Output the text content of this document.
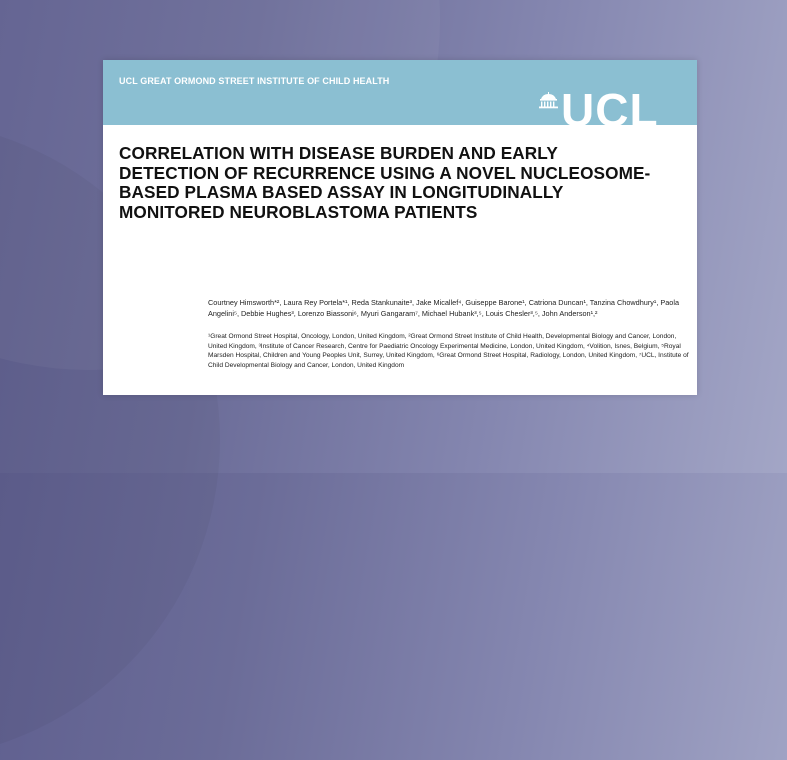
UCL GREAT ORMOND STREET INSTITUTE OF CHILD HEALTH
UCL
CORRELATION WITH DISEASE BURDEN AND EARLY DETECTION OF RECURRENCE USING A NOVEL NUCLEOSOME-BASED PLASMA BASED ASSAY IN LONGITUDINALLY MONITORED NEUROBLASTOMA PATIENTS
Courtney Himsworth*², Laura Rey Portela*¹, Reda Stankunaite³, Jake Micallef⁴, Guiseppe Barone¹, Catriona Duncan¹, Tanzina Chowdhury¹, Paola Angelini⁵, Debbie Hughes³, Lorenzo Biassoni⁶, Myuri Gangaram⁷, Michael Hubank³,⁵, Louis Chesler³,⁵, John Anderson¹,²
¹Great Ormond Street Hospital, Oncology, London, United Kingdom, ²Great Ormond Street Institute of Child Health, Developmental Biology and Cancer, London, United Kingdom, ³Institute of Cancer Research, Centre for Paediatric Oncology Experimental Medicine, London, United Kingdom, ⁴Volition, Isnes, Belgium, ⁵Royal Marsden Hospital, Children and Young Peoples Unit, Surrey, United Kingdom, ⁶Great Ormond Street Hospital, Radiology, London, United Kingdom, ⁷UCL, Institute of Child Developmental Biology and Cancer, London, United Kingdom
